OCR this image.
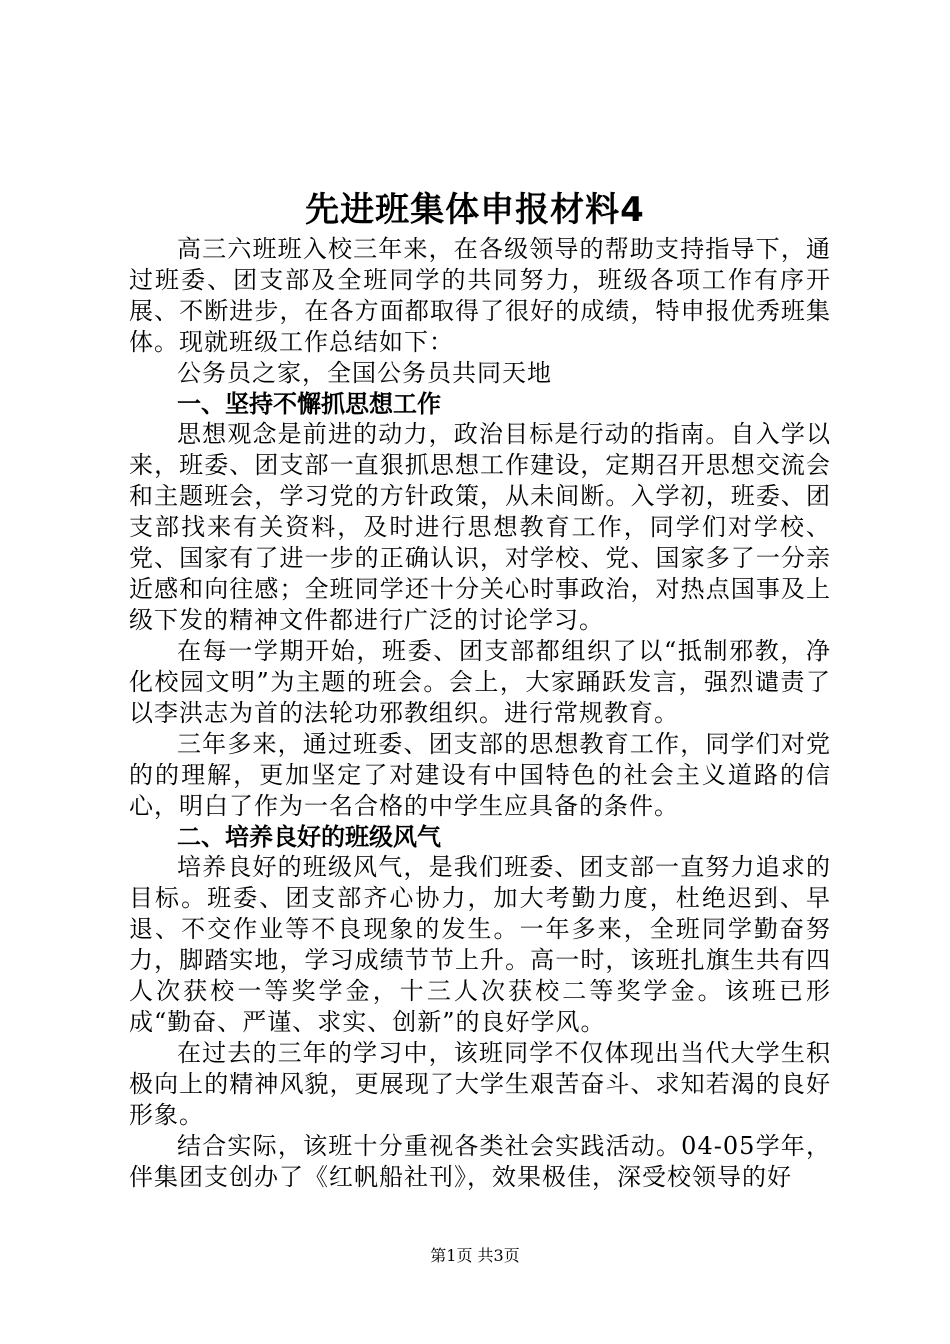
先进班集体申报材料4

高三六班班入校三年来，在各级领导的帮助支持指导下，通过班委、团支部及全班同学的共同努力，班级各项工作有序开展、不断进步，在各方面都取得了很好的成绩，特申报优秀班集体。现就班级工作总结如下：

公务员之家，全国公务员共同天地

一、坚持不懈抓思想工作

思想观念是前进的动力，政治目标是行动的指南。自入学以来，班委、团支部一直狠抓思想工作建设，定期召开思想交流会和主题班会，学习党的方针政策，从未间断。入学初，班委、团支部找来有关资料，及时进行思想教育工作，同学们对学校、党、国家有了进一步的正确认识，对学校、党、国家多了一分亲近感和向往感；全班同学还十分关心时事政治，对热点国事及上级下发的精神文件都进行广泛的讨论学习。

在每一学期开始，班委、团支部都组织了以“抵制邪教，净化校园文明”为主题的班会。会上，大家踊跃发言，强烈谴责了以李洪志为首的法轮功邪教组织。进行常规教育。

三年多来，通过班委、团支部的思想教育工作，同学们对党的的理解，更加坚定了对建设有中国特色的社会主义道路的信心，明白了作为一名合格的中学生应具备的条件。

二、培养良好的班级风气

培养良好的班级风气，是我们班委、团支部一直努力追求的目标。班委、团支部齐心协力，加大考勤力度，杜绝迟到、早退、不交作业等不良现象的发生。一年多来，全班同学勤奋努力，脚踏实地，学习成绩节节上升。高一时，该班扎旗生共有四人次获校一等奖学金，十三人次获校二等奖学金。该班已形成“勤奋、严谨、求实、创新”的良好学风。

在过去的三年的学习中，该班同学不仅体现出当代大学生积极向上的精神风貌，更展现了大学生艰苦奋斗、求知若渴的良好形象。

结合实际，该班十分重视各类社会实践活动。04-05学年，伴集团支创办了《红帆船社刊》，效果极佳，深受校领导的好

第1页 共3页
